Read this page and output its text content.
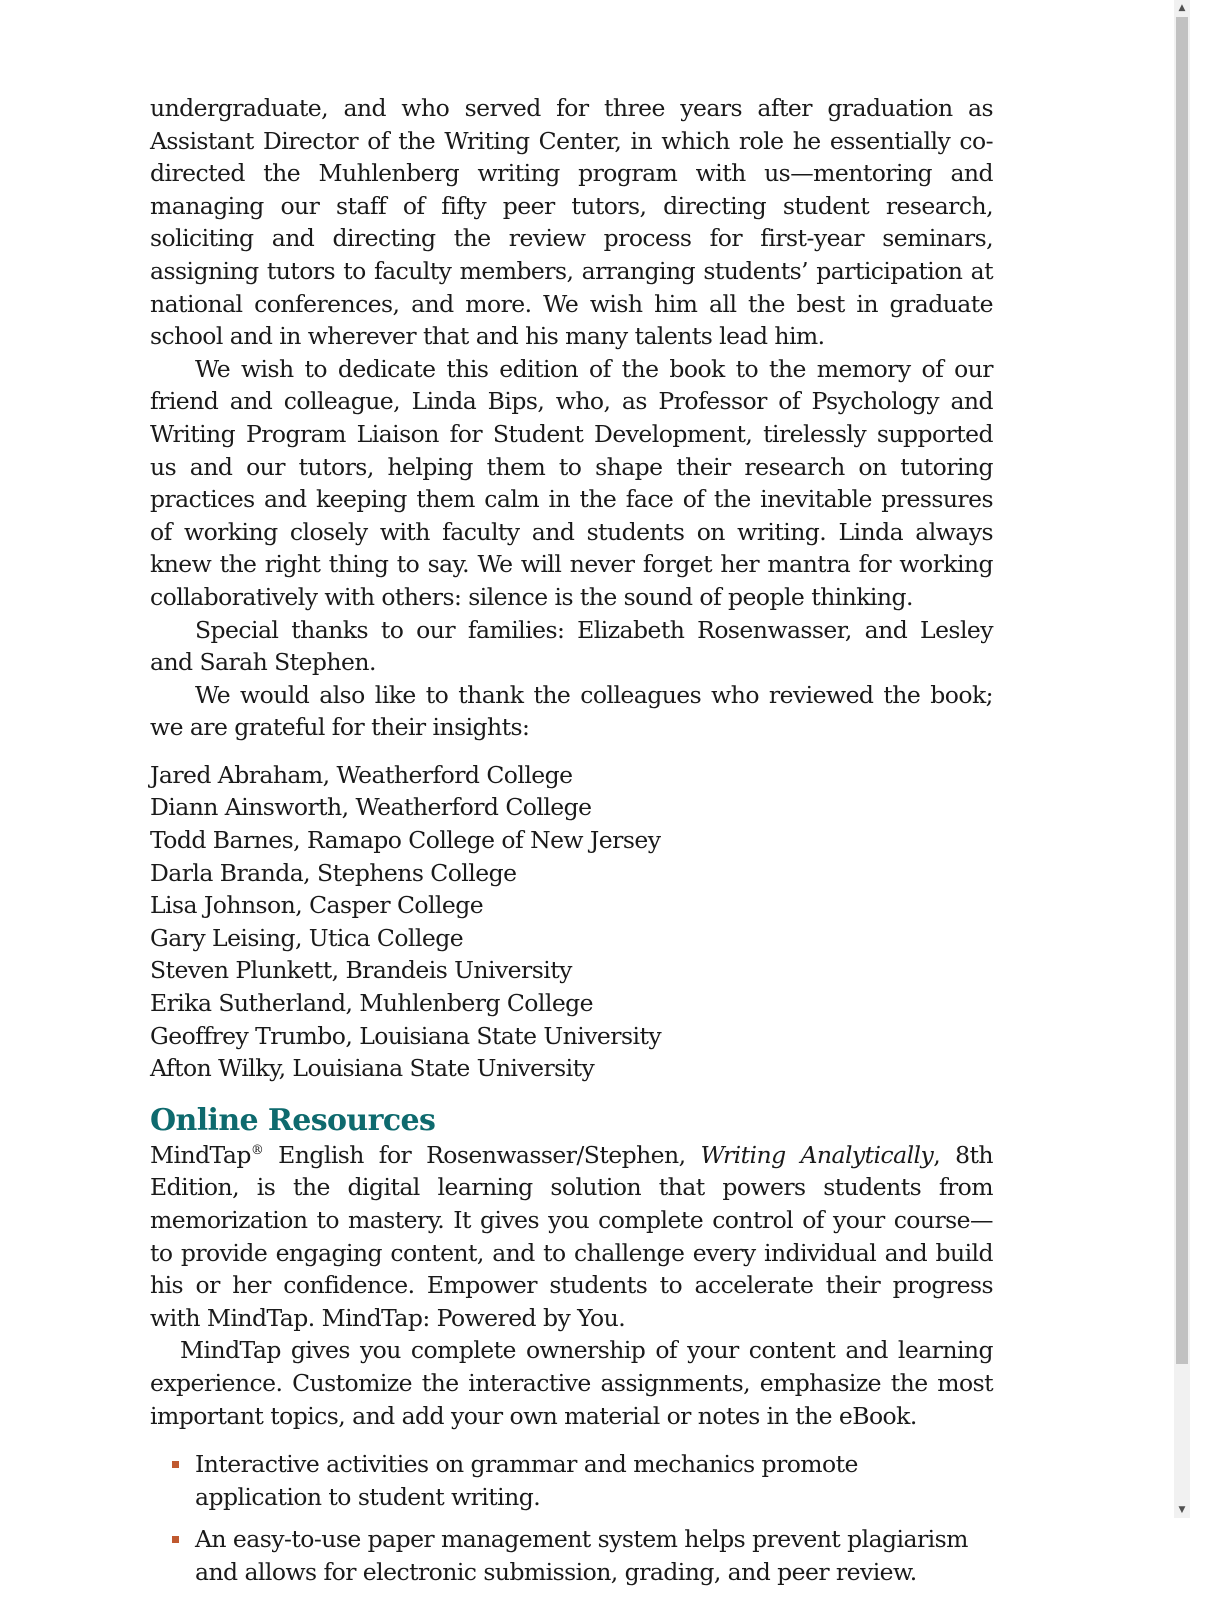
undergraduate, and who served for three years after graduation as Assistant Director of the Writing Center, in which role he essentially co-directed the Muhlenberg writing program with us—mentoring and managing our staff of fifty peer tutors, directing student research, soliciting and directing the review process for first-year seminars, assigning tutors to faculty members, arranging students’ participation at national conferences, and more. We wish him all the best in graduate school and in wherever that and his many talents lead him.

We wish to dedicate this edition of the book to the memory of our friend and colleague, Linda Bips, who, as Professor of Psychology and Writing Program Liaison for Student Development, tirelessly supported us and our tutors, helping them to shape their research on tutoring practices and keeping them calm in the face of the inevitable pressures of working closely with faculty and students on writing. Linda always knew the right thing to say. We will never forget her mantra for working collaboratively with others: silence is the sound of people thinking.

Special thanks to our families: Elizabeth Rosenwasser, and Lesley and Sarah Stephen.

We would also like to thank the colleagues who reviewed the book; we are grateful for their insights:

Jared Abraham, Weatherford College
Diann Ainsworth, Weatherford College
Todd Barnes, Ramapo College of New Jersey
Darla Branda, Stephens College
Lisa Johnson, Casper College
Gary Leising, Utica College
Steven Plunkett, Brandeis University
Erika Sutherland, Muhlenberg College
Geoffrey Trumbo, Louisiana State University
Afton Wilky, Louisiana State University
Online Resources

MindTap® English for Rosenwasser/Stephen, Writing Analytically, 8th Edition, is the digital learning solution that powers students from memorization to mastery. It gives you complete control of your course—to provide engaging content, and to challenge every individual and build his or her confidence. Empower students to accelerate their progress with MindTap. MindTap: Powered by You.

MindTap gives you complete ownership of your content and learning experience. Customize the interactive assignments, emphasize the most important topics, and add your own material or notes in the eBook.

Interactive activities on grammar and mechanics promote application to student writing.
An easy-to-use paper management system helps prevent plagiarism and allows for electronic submission, grading, and peer review.
▲
▼
